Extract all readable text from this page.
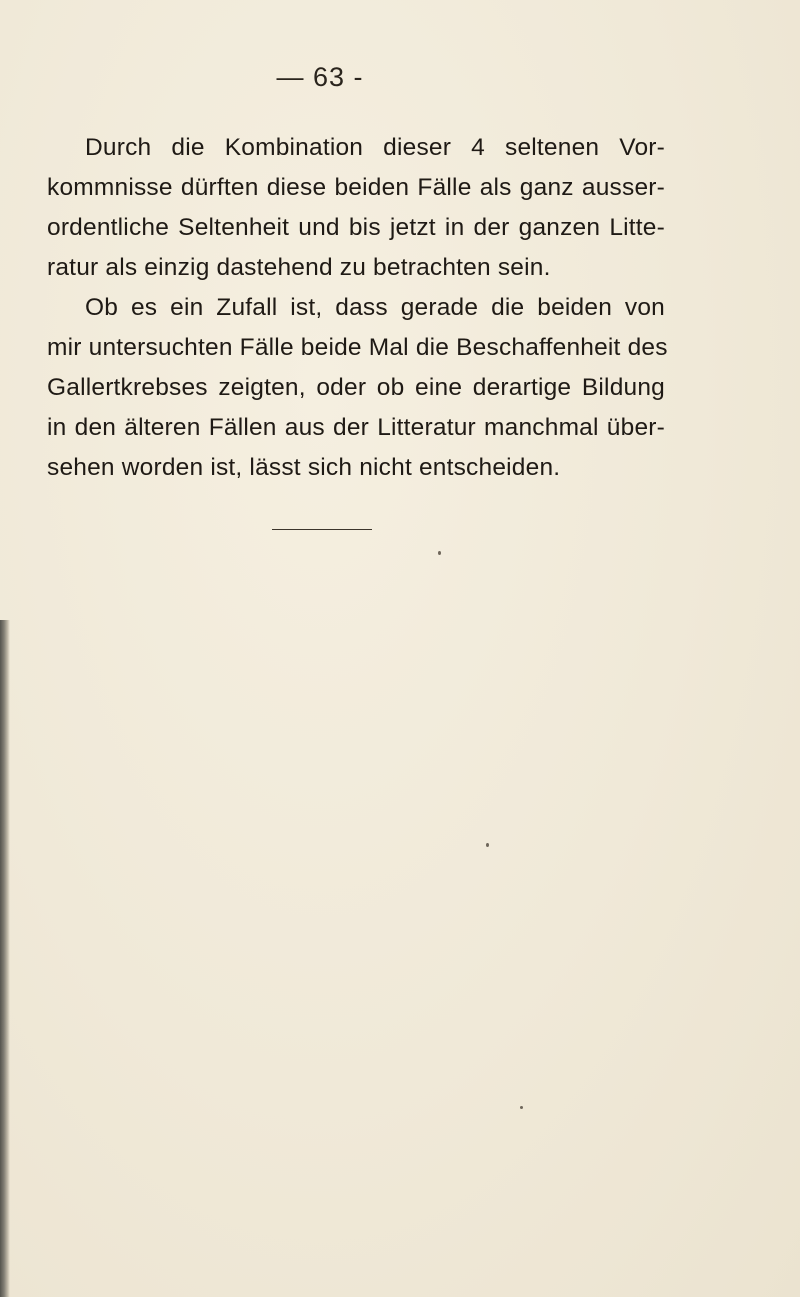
— 63 -
Durch die Kombination dieser 4 seltenen Vor-
kommnisse dürften diese beiden Fälle als ganz ausser-
ordentliche Seltenheit und bis jetzt in der ganzen Litte-
ratur als einzig dastehend zu betrachten sein.
Ob es ein Zufall ist, dass gerade die beiden von
mir untersuchten Fälle beide Mal die Beschaffenheit des
Gallertkrebses zeigten, oder ob eine derartige Bildung
in den älteren Fällen aus der Litteratur manchmal über-
sehen worden ist, lässt sich nicht entscheiden.
